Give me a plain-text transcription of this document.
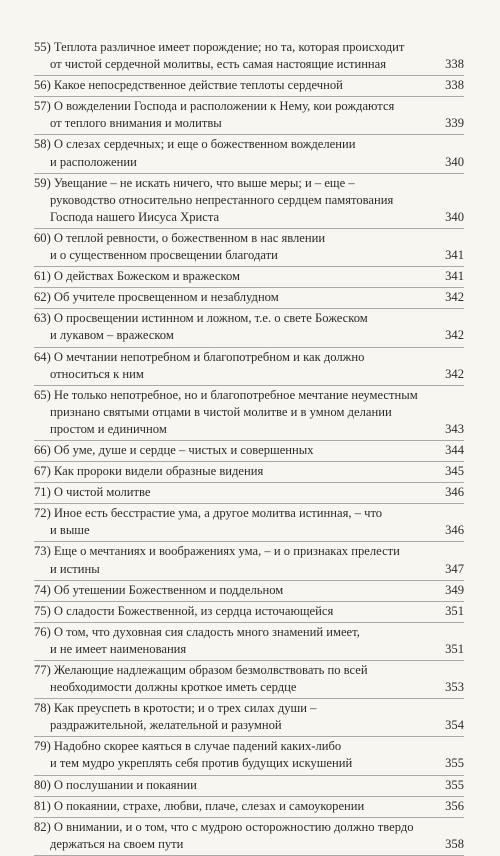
55) Теплота различное имеет порождение; но та, которая происходит
от чистой сердечной молитвы, есть самая настоящие истинная	338
56) Какое непосредственное действие теплоты сердечной	338
57) О вожделении Господа и расположении к Нему, кои рождаются
от теплого внимания и молитвы	339
58) О слезах сердечных; и еще о божественном вожделении
и расположении	340
59) Увещание – не искать ничего, что выше меры; и – еще –
руководство относительно непрестанного сердцем памятования
Господа нашего Иисуса Христа	340
60) О теплой ревности, о божественном в нас явлении
и о существенном просвещении благодати	341
61) О действах Божеском и вражеском	341
62) Об учителе просвещенном и незаблудном	342
63) О просвещении истинном и ложном, т.е. о свете Божеском
и лукавом – вражеском	342
64) О мечтании непотребном и благопотребном и как должно
относиться к ним	342
65) Не только непотребное, но и благопотребное мечтание неуместным
признано святыми отцами в чистой молитве и в умном делании
простом и единичном	343
66) Об уме, душе и сердце – чистых и совершенных	344
67) Как пророки видели образные видения	345
71) О чистой молитве	346
72) Иное есть бесстрастие ума, а другое молитва истинная, – что
и выше	346
73) Еще о мечтаниях и воображениях ума, – и о признаках прелести
и истины	347
74) Об утешении Божественном и поддельном	349
75) О сладости Божественной, из сердца источающейся	351
76) О том, что духовная сия сладость много знамений имеет,
и не имеет наименования	351
77) Желающие надлежащим образом безмолвствовать по всей
необходимости должны кроткое иметь сердце	353
78) Как преуспеть в кротости; и о трех силах души –
раздражительной, желательной и разумной	354
79) Надобно скорее каяться в случае падений каких-либо
и тем мудро укреплять себя против будущих искушений	355
80) О послушании и покаянии	355
81) О покаянии, страхе, любви, плаче, слезах и самоукорении	356
82) О внимании, и о том, что с мудрою осторожностию должно твердо
держаться на своем пути	358
